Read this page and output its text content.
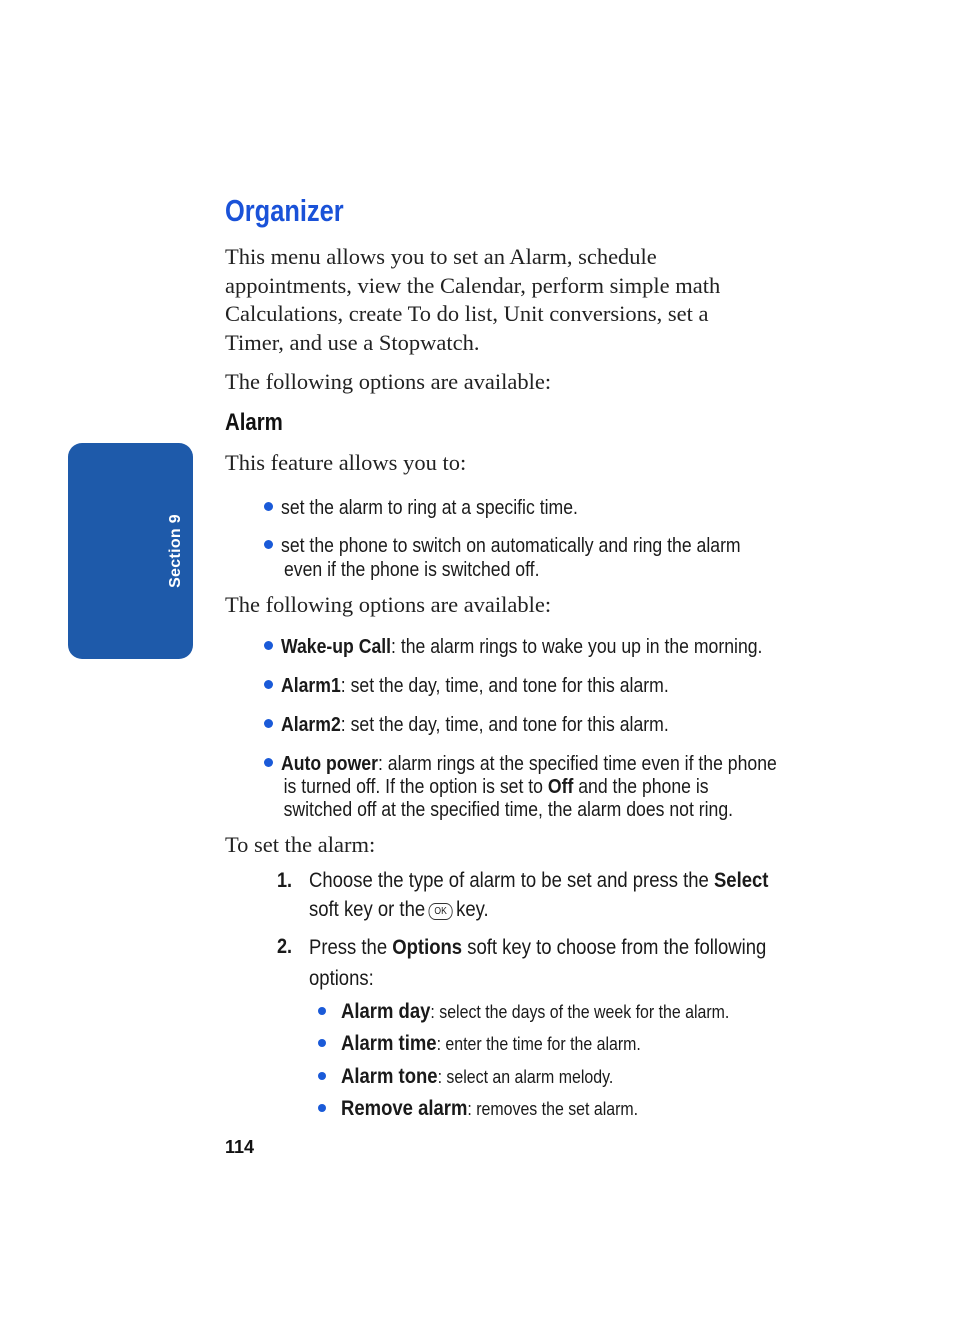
Section 9
Organizer
This menu allows you to set an Alarm, schedule
appointments, view the Calendar, perform simple math
Calculations, create To do list, Unit conversions, set a
Timer, and use a Stopwatch.

The following options are available:

Alarm

This feature allows you to:

set the alarm to ring at a specific time.
set the phone to switch on automatically and ring the alarm
even if the phone is switched off.

The following options are available:

Wake-up Call: the alarm rings to wake you up in the morning.
Alarm1: set the day, time, and tone for this alarm.
Alarm2: set the day, time, and tone for this alarm.
Auto power: alarm rings at the specified time even if the phone
is turned off. If the option is set to Off and the phone is
switched off at the specified time, the alarm does not ring.

To set the alarm:

1. Choose the type of alarm to be set and press the Select
soft key or the OK key.
2. Press the Options soft key to choose from the following
options:
Alarm day: select the days of the week for the alarm.
Alarm time: enter the time for the alarm.
Alarm tone: select an alarm melody.
Remove alarm: removes the set alarm.
114
